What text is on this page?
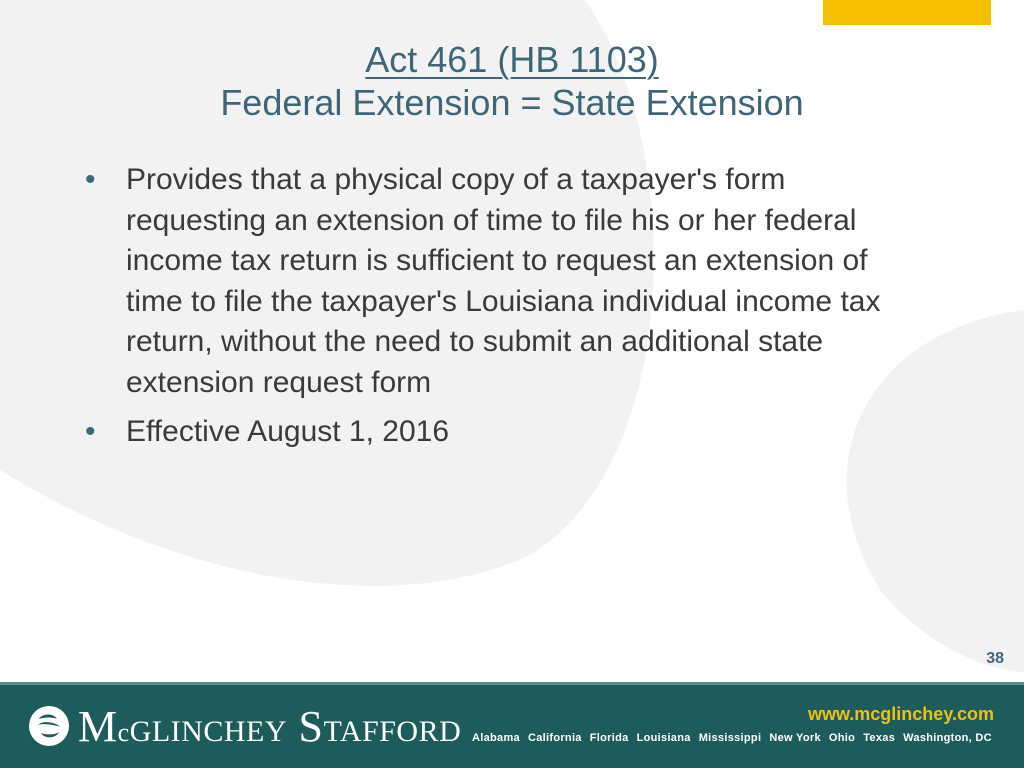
Act 461 (HB 1103)
Federal Extension = State Extension
• Provides that a physical copy of a taxpayer's form requesting an extension of time to file his or her federal income tax return is sufficient to request an extension of time to file the taxpayer's Louisiana individual income tax return, without the need to submit an additional state extension request form
• Effective August 1, 2016
38
McGLINCHEY STAFFORD
www.mcglinchey.com
Alabama California Florida Louisiana Mississippi New York Ohio Texas Washington, DC
